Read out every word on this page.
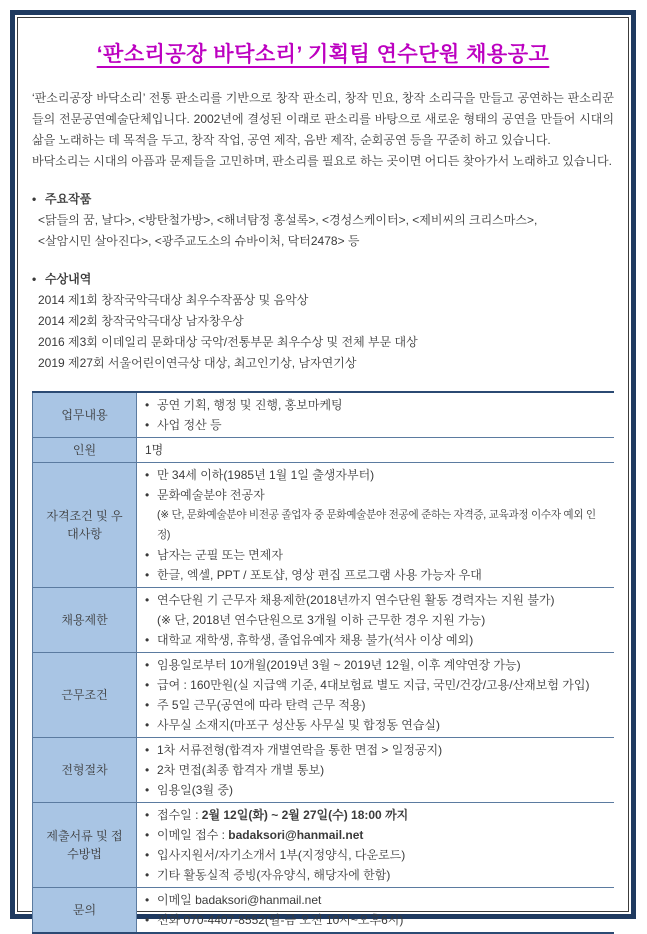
‘판소리공장 바닥소리’ 기획팀 연수단원 채용공고
‘판소리공장 바닥소리’ 전통 판소리를 기반으로 창작 판소리, 창작 민요, 창작 소리극을 만들고 공연하는 판소리꾼들의 전문공연예술단체입니다. 2002년에 결성된 이래로 판소리를 바탕으로 새로운 형태의 공연을 만들어 시대의 삶을 노래하는 데 목적을 두고, 창작 작업, 공연 제작, 음반 제작, 순회공연 등을 꾸준히 하고 있습니다.
바닥소리는 시대의 아픔과 문제들을 고민하며, 판소리를 필요로 하는 곳이면 어디든 찾아가서 노래하고 있습니다.
• 주요작품
<닭들의 꿈, 날다>, <방탄철가방>, <해녀탐정 홍설록>, <경성스케이터>, <제비씨의 크리스마스>,
<살암시민 살아진다>, <광주교도소의 슈바이처, 닥터2478> 등
• 수상내역
2014 제1회 창작국악극대상 최우수작품상 및 음악상
2014 제2회 창작국악극대상 남자창우상
2016 제3회 이데일리 문화대상 국악/전통부문 최우수상 및 전체 부문 대상
2019 제27회 서울어린이연극상 대상, 최고인기상, 남자연기상
업무내용	• 공연 기획, 행정 및 진행, 홍보마케팅
• 사업 정산 등

인원	1명

자격조건 및 우대사항	• 만 34세 이하(1985년 1월 1일 출생자부터)
• 문화예술분야 전공자
(※ 단, 문화예술분야 비전공 졸업자 중 문화예술분야 전공에 준하는 자격증, 교육과정 이수자 예외 인정)
• 남자는 군필 또는 면제자
• 한글, 엑셀, PPT / 포토샵, 영상 편집 프로그램 사용 가능자 우대

채용제한	• 연수단원 기 근무자 채용제한(2018년까지 연수단원 활동 경력자는 지원 불가)
(※ 단, 2018년 연수단원으로 3개월 이하 근무한 경우 지원 가능)
• 대학교 재학생, 휴학생, 졸업유예자 채용 불가(석사 이상 예외)

근무조건	• 임용일로부터 10개월(2019년 3월 ~ 2019년 12월, 이후 계약연장 가능)
• 급여 : 160만원(실 지급액 기준, 4대보험료 별도 지급, 국민/건강/고용/산재보험 가입)
• 주 5일 근무(공연에 따라 탄력 근무 적용)
• 사무실 소재지(마포구 성산동 사무실 및 합정동 연습실)

전형절차	• 1차 서류전형(합격자 개별연락을 통한 면접 > 일정공지)
• 2차 면접(최종 합격자 개별 통보)
• 임용일(3월 중)

제출서류 및 접수방법	• 접수일 : 2월 12일(화) ~ 2월 27일(수) 18:00 까지
• 이메일 접수 : badaksori@hanmail.net
• 입사지원서/자기소개서 1부(지정양식, 다운로드)
• 기타 활동실적 증빙(자유양식, 해당자에 한함)

문의	• 이메일 badaksori@hanmail.net
• 전화 070-4407-8552(월-금 오전 10시~오후6시)
